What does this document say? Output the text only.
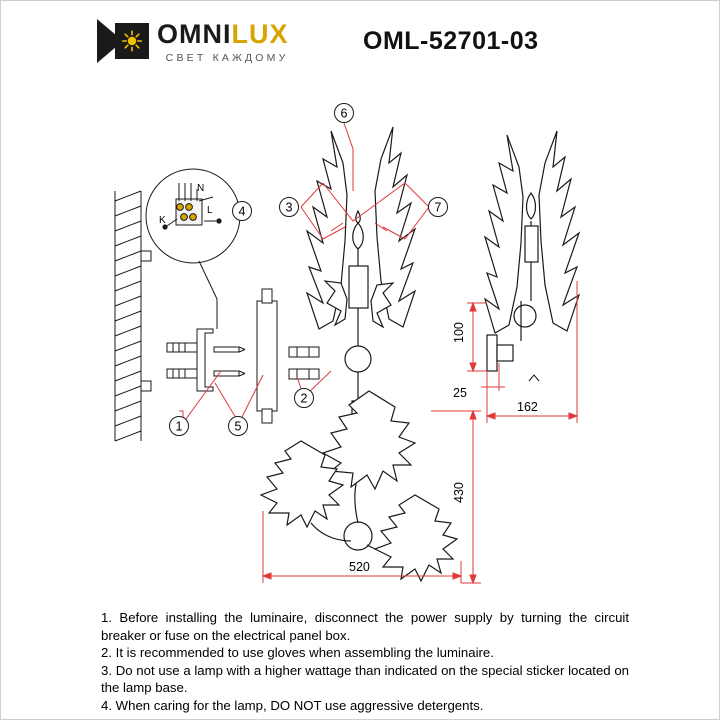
OMNILUX
СВЕТ КАЖДОМУ
OML-52701-03
K
L
N
162
100
25
1
2
3
4
5
6
7
430
520

1. Before installing the luminaire, disconnect the power supply by turning the circuit breaker or fuse on the electrical panel box.

2. It is recommended to use gloves when assembling the luminaire.

3. Do not use a lamp with a higher wattage than indicated on the special sticker located on the lamp base.

4. When caring for the lamp, DO NOT use aggressive detergents.
